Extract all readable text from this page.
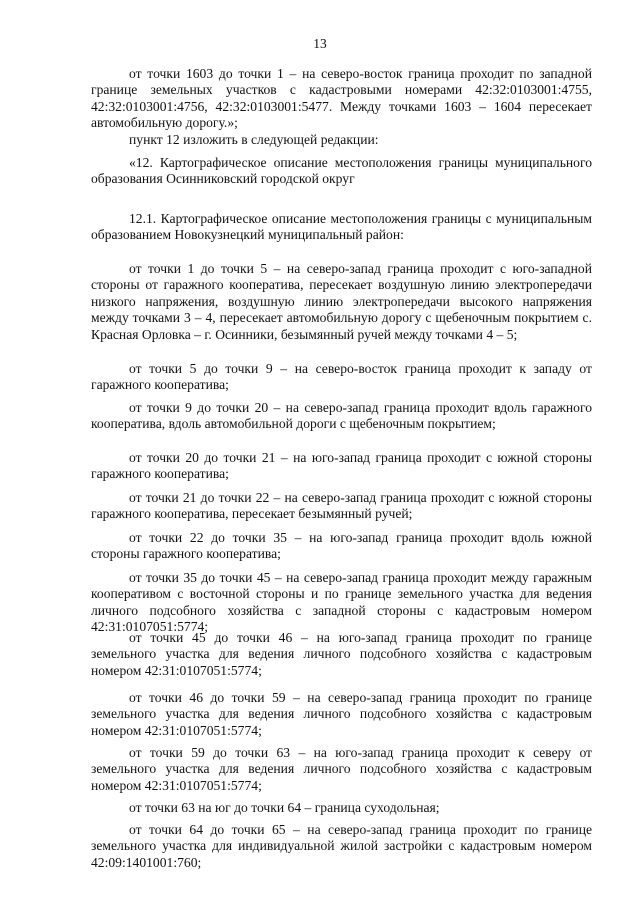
13

от точки 1603 до точки 1 – на северо-восток граница проходит по западной границе земельных участков с кадастровыми номерами 42:32:0103001:4755, 42:32:0103001:4756, 42:32:0103001:5477. Между точками 1603 – 1604 пересекает автомобильную дорогу.»;

пункт 12 изложить в следующей редакции:

«12. Картографическое описание местоположения границы муниципального образования Осинниковский городской округ

12.1. Картографическое описание местоположения границы с муниципальным образованием Новокузнецкий муниципальный район:

от точки 1 до точки 5 – на северо-запад граница проходит с юго-западной стороны от гаражного кооператива, пересекает воздушную линию электропередачи низкого напряжения, воздушную линию электропередачи высокого напряжения между точками 3 – 4, пересекает автомобильную дорогу с щебеночным покрытием с. Красная Орловка – г. Осинники, безымянный ручей между точками 4 – 5;

от точки 5 до точки 9 – на северо-восток граница проходит к западу от гаражного кооператива;

от точки 9 до точки 20 – на северо-запад граница проходит вдоль гаражного кооператива, вдоль автомобильной дороги с щебеночным покрытием;

от точки 20 до точки 21 – на юго-запад граница проходит с южной стороны гаражного кооператива;

от точки 21 до точки 22 – на северо-запад граница проходит с южной стороны гаражного кооператива, пересекает безымянный ручей;

от точки 22 до точки 35 – на юго-запад граница проходит вдоль южной стороны гаражного кооператива;

от точки 35 до точки 45 – на северо-запад граница проходит между гаражным кооперативом с восточной стороны и по границе земельного участка для ведения личного подсобного хозяйства с западной стороны с кадастровым номером 42:31:0107051:5774;

от точки 45 до точки 46 – на юго-запад граница проходит по границе земельного участка для ведения личного подсобного хозяйства с кадастровым номером 42:31:0107051:5774;

от точки 46 до точки 59 – на северо-запад граница проходит по границе земельного участка для ведения личного подсобного хозяйства с кадастровым номером 42:31:0107051:5774;

от точки 59 до точки 63 – на юго-запад граница проходит к северу от земельного участка для ведения личного подсобного хозяйства с кадастровым номером 42:31:0107051:5774;

от точки 63 на юг до точки 64 – граница суходольная;

от точки 64 до точки 65 – на северо-запад граница проходит по границе земельного участка для индивидуальной жилой застройки с кадастровым номером 42:09:1401001:760;
